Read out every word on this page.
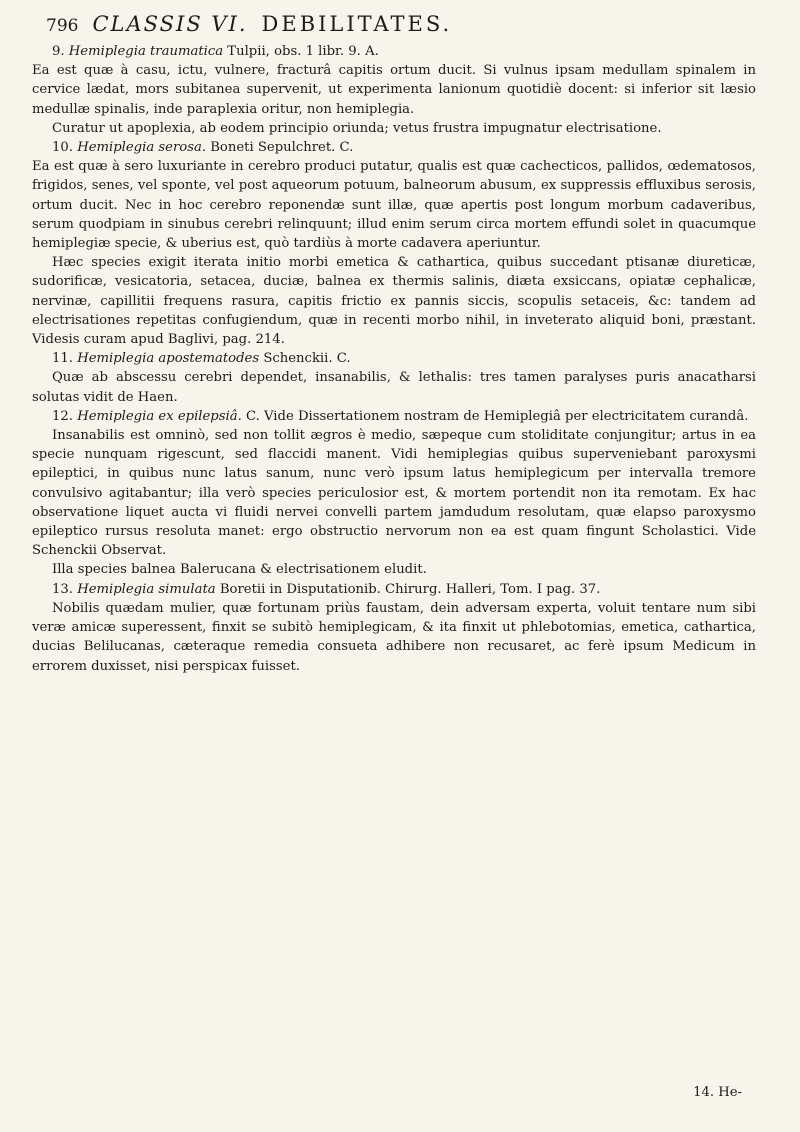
796 CLASSIS VI. DEBILITATES.

9. Hemiplegia traumatica Tulpii, obs. 1 libr. 9. A.

Ea est quæ à casu, ictu, vulnere, fracturâ capitis ortum ducit. Si vulnus ipsam medullam spinalem in cervice lædat, mors subitanea supervenit, ut experimenta lanionum quotidiè docent: si inferior sit læsio medullæ spinalis, inde paraplexia oritur, non hemiplegia.

Curatur ut apoplexia, ab eodem principio oriunda; vetus frustra impugnatur electrisatione.

10. Hemiplegia serosa. Boneti Sepulchret. C.

Ea est quæ à sero luxuriante in cerebro produci putatur, qualis est quæ cachecticos, pallidos, œdematosos, frigidos, senes, vel sponte, vel post aqueorum potuum, balneorum abusum, ex suppressis effluxibus serosis, ortum ducit. Nec in hoc cerebro reponendæ sunt illæ, quæ apertis post longum morbum cadaveribus, serum quodpiam in sinubus cerebri relinquunt; illud enim serum circa mortem effundi solet in quacumque hemiplegiæ specie, & uberius est, quò tardiùs à morte cadavera aperiuntur.

Hæc species exigit iterata initio morbi emetica & cathartica, quibus succedant ptisanæ diureticæ, sudorificæ, vesicatoria, setacea, duciæ, balnea ex thermis salinis, diæta exsiccans, opiatæ cephalicæ, nervinæ, capillitii frequens rasura, capitis frictio ex pannis siccis, scopulis setaceis, &c: tandem ad electrisationes repetitas confugiendum, quæ in recenti morbo nihil, in inveterato aliquid boni, præstant. Videsis curam apud Baglivi, pag. 214.

11. Hemiplegia apostematodes Schenckii. C.

Quæ ab abscessu cerebri dependet, insanabilis, & lethalis: tres tamen paralyses puris anacatharsi solutas vidit de Haen.

12. Hemiplegia ex epilepsiâ. C. Vide Dissertationem nostram de Hemiplegiâ per electricitatem curandâ.

Insanabilis est omninò, sed non tollit ægros è medio, sæpeque cum stoliditate conjungitur; artus in ea specie nunquam rigescunt, sed flaccidi manent. Vidi hemiplegias quibus superveniebant paroxysmi epileptici, in quibus nunc latus sanum, nunc verò ipsum latus hemiplegicum per intervalla tremore convulsivo agitabantur; illa verò species periculosior est, & mortem portendit non ita remotam. Ex hac observatione liquet aucta vi fluidi nervei convelli partem jamdudum resolutam, quæ elapso paroxysmo epileptico rursus resoluta manet: ergo obstructio nervorum non ea est quam fingunt Scholastici. Vide Schenckii Observat.

Illa species balnea Balerucana & electrisationem eludit.

13. Hemiplegia simulata Boretii in Disputationib. Chirurg. Halleri, Tom. I pag. 37.

Nobilis quædam mulier, quæ fortunam priùs faustam, dein adversam experta, voluit tentare num sibi veræ amicæ superessent, finxit se subitò hemiplegicam, & ita finxit ut phlebotomias, emetica, cathartica, ducias Belilucanas, cæteraque remedia consueta adhibere non recusaret, ac ferè ipsum Medicum in errorem duxisset, nisi perspicax fuisset.

14. He-
